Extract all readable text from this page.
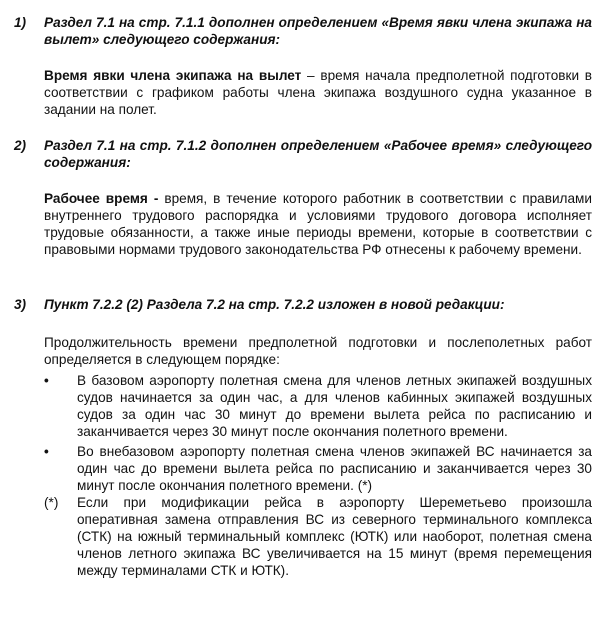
1) Раздел 7.1 на стр. 7.1.1 дополнен определением «Время явки члена экипажа на вылет» следующего содержания:
Время явки члена экипажа на вылет – время начала предполетной подготовки в соответствии с графиком работы члена экипажа воздушного судна указанное в задании на полет.
2) Раздел 7.1 на стр. 7.1.2 дополнен определением «Рабочее время» следующего содержания:
Рабочее время - время, в течение которого работник в соответствии с правилами внутреннего трудового распорядка и условиями трудового договора исполняет трудовые обязанности, а также иные периоды времени, которые в соответствии с правовыми нормами трудового законодательства РФ отнесены к рабочему времени.
3) Пункт 7.2.2 (2) Раздела 7.2 на стр. 7.2.2 изложен в новой редакции:
Продолжительность времени предполетной подготовки и послеполетных работ определяется в следующем порядке:
•	В базовом аэропорту полетная смена для членов летных экипажей воздушных судов начинается за один час, а для членов кабинных экипажей воздушных судов за один час 30 минут до времени вылета рейса по расписанию и заканчивается через 30 минут после окончания полетного времени.
•	Во внебазовом аэропорту полетная смена членов экипажей ВС начинается за один час до времени вылета рейса по расписанию и заканчивается через 30 минут после окончания полетного времени. (*)
(*) Если при модификации рейса в аэропорту Шереметьево произошла оперативная замена отправления ВС из северного терминального комплекса (СТК) на южный терминальный комплекс (ЮТК) или наоборот, полетная смена членов летного экипажа ВС увеличивается на 15 минут (время перемещения между терминалами СТК и ЮТК).
